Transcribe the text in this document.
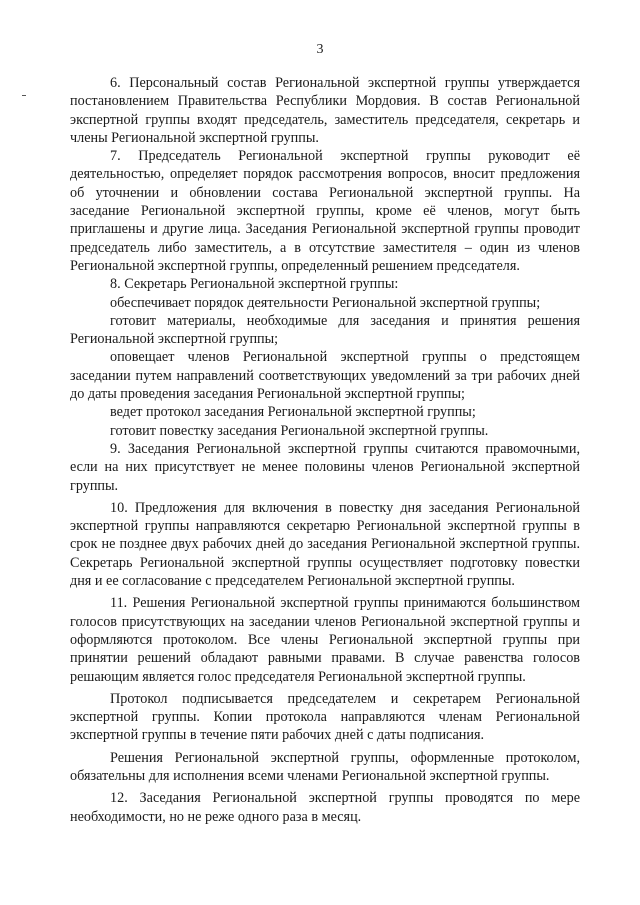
3

6. Персональный состав Региональной экспертной группы утверждается постановлением Правительства Республики Мордовия. В состав Региональной экспертной группы входят председатель, заместитель председателя, секретарь и члены Региональной экспертной группы.

7. Председатель Региональной экспертной группы руководит её деятельностью, определяет порядок рассмотрения вопросов, вносит предложения об уточнении и обновлении состава Региональной экспертной группы. На заседание Региональной экспертной группы, кроме её членов, могут быть приглашены и другие лица. Заседания Региональной экспертной группы проводит председатель либо заместитель, а в отсутствие заместителя – один из членов Региональной экспертной группы, определенный решением председателя.

8. Секретарь Региональной экспертной группы:

обеспечивает порядок деятельности Региональной экспертной группы;

готовит материалы, необходимые для заседания и принятия решения Региональной экспертной группы;

оповещает членов Региональной экспертной группы о предстоящем заседании путем направлений соответствующих уведомлений за три рабочих дней до даты проведения заседания Региональной экспертной группы;

ведет протокол заседания Региональной экспертной группы;

готовит повестку заседания Региональной экспертной группы.

9. Заседания Региональной экспертной группы считаются правомочными, если на них присутствует не менее половины членов Региональной экспертной группы.

10. Предложения для включения в повестку дня заседания Региональной экспертной группы направляются секретарю Региональной экспертной группы в срок не позднее двух рабочих дней до заседания Региональной экспертной группы. Секретарь Региональной экспертной группы осуществляет подготовку повестки дня и ее согласование с председателем Региональной экспертной группы.

11. Решения Региональной экспертной группы принимаются большинством голосов присутствующих на заседании членов Региональной экспертной группы и оформляются протоколом. Все члены Региональной экспертной группы при принятии решений обладают равными правами. В случае равенства голосов решающим является голос председателя Региональной экспертной группы.

Протокол подписывается председателем и секретарем Региональной экспертной группы. Копии протокола направляются членам Региональной экспертной группы в течение пяти рабочих дней с даты подписания.

Решения Региональной экспертной группы, оформленные протоколом, обязательны для исполнения всеми членами Региональной экспертной группы.

12. Заседания Региональной экспертной группы проводятся по мере необходимости, но не реже одного раза в месяц.
